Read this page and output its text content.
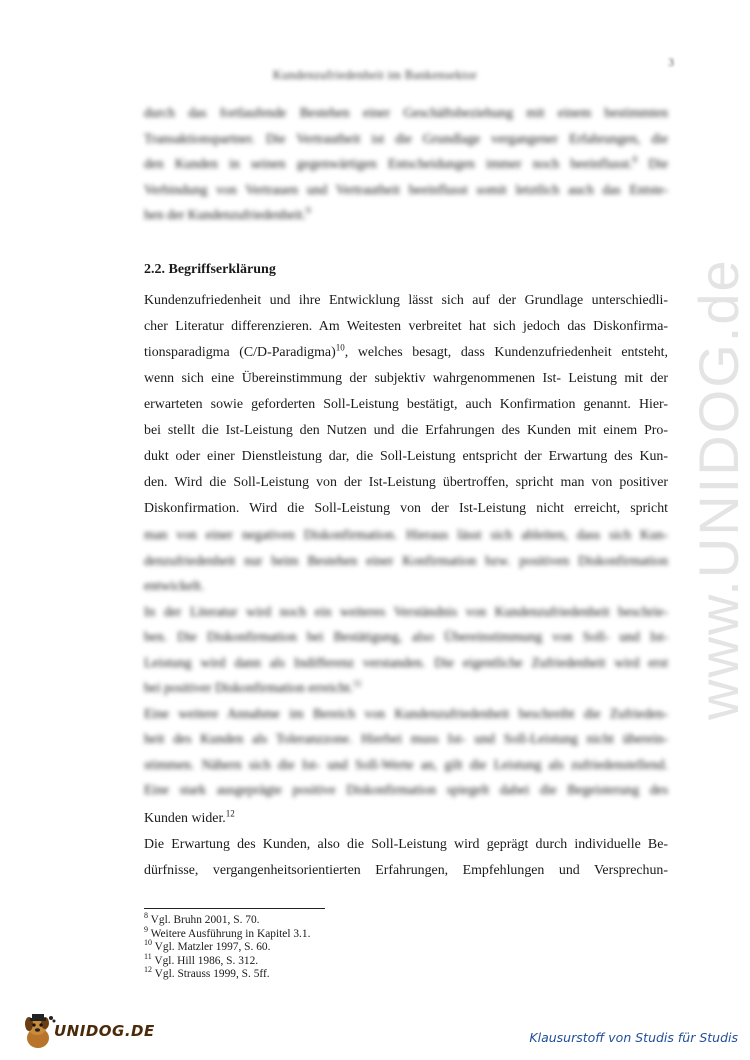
3
Kundenzufriedenheit im Bankensektor
www.UNIDOG.de
durch das fortlaufende Bestehen einer Geschäftsbeziehung mit einem bestimmten
Transaktionspartner. Die Vertrautheit ist die Grundlage vergangener Erfahrungen, die
den Kunden in seinen gegenwärtigen Entscheidungen immer noch beeinflusst.$^8$ Die
Verbindung von Vertrauen und Vertrautheit beeinflusst somit letztlich auch das Entste-
hen der Kundenzufriedenheit.$^9$
2.2. Begriffserklärung
Kundenzufriedenheit und ihre Entwicklung lässt sich auf der Grundlage unterschiedli-
cher Literatur differenzieren. Am Weitesten verbreitet hat sich jedoch das Diskonfirma-
tionsparadigma (C/D-Paradigma)$^{10}$, welches besagt, dass Kundenzufriedenheit entsteht,
wenn sich eine Übereinstimmung der subjektiv wahrgenommenen Ist- Leistung mit der
erwarteten sowie geforderten Soll-Leistung bestätigt, auch Konfirmation genannt. Hier-
bei stellt die Ist-Leistung den Nutzen und die Erfahrungen des Kunden mit einem Pro-
dukt oder einer Dienstleistung dar, die Soll-Leistung entspricht der Erwartung des Kun-
den. Wird die Soll-Leistung von der Ist-Leistung übertroffen, spricht man von positiver
Diskonfirmation. Wird die Soll-Leistung von der Ist-Leistung nicht erreicht, spricht
man von einer negativen Diskonfirmation. Hieraus lässt sich ableiten, dass sich Kun-
denzufriedenheit nur beim Bestehen einer Konfirmation bzw. positiven Diskonfirmation
entwickelt.
In der Literatur wird noch ein weiteres Verständnis von Kundenzufriedenheit beschrie-
ben. Die Diskonfirmation bei Bestätigung, also Übereinstimmung von Soll- und Ist-
Leistung wird dann als Indifferenz verstanden. Die eigentliche Zufriedenheit wird erst
bei positiver Diskonfirmation erreicht.$^{11}$
Eine weitere Annahme im Bereich von Kundenzufriedenheit beschreibt die Zufrieden-
heit des Kunden als Toleranzzone. Hierbei muss Ist- und Soll-Leistung nicht überein-
stimmen. Nähern sich die Ist- und Soll-Werte an, gilt die Leistung als zufriedenstellend.
Eine stark ausgeprägte positive Diskonfirmation spiegelt dabei die Begeisterung des
Kunden wider.$^{12}$
Die Erwartung des Kunden, also die Soll-Leistung wird geprägt durch individuelle Be-
dürfnisse, vergangenheitsorientierten Erfahrungen, Empfehlungen und Versprechun-
$^8$ Vgl. Bruhn 2001, S. 70.
$^9$ Weitere Ausführung in Kapitel 3.1.
$^{10}$ Vgl. Matzler 1997, S. 60.
$^{11}$ Vgl. Hill 1986, S. 312.
$^{12}$ Vgl. Strauss 1999, S. 5ff.
UNIDOG.DE	Klausurstoff von Studis für Studis
